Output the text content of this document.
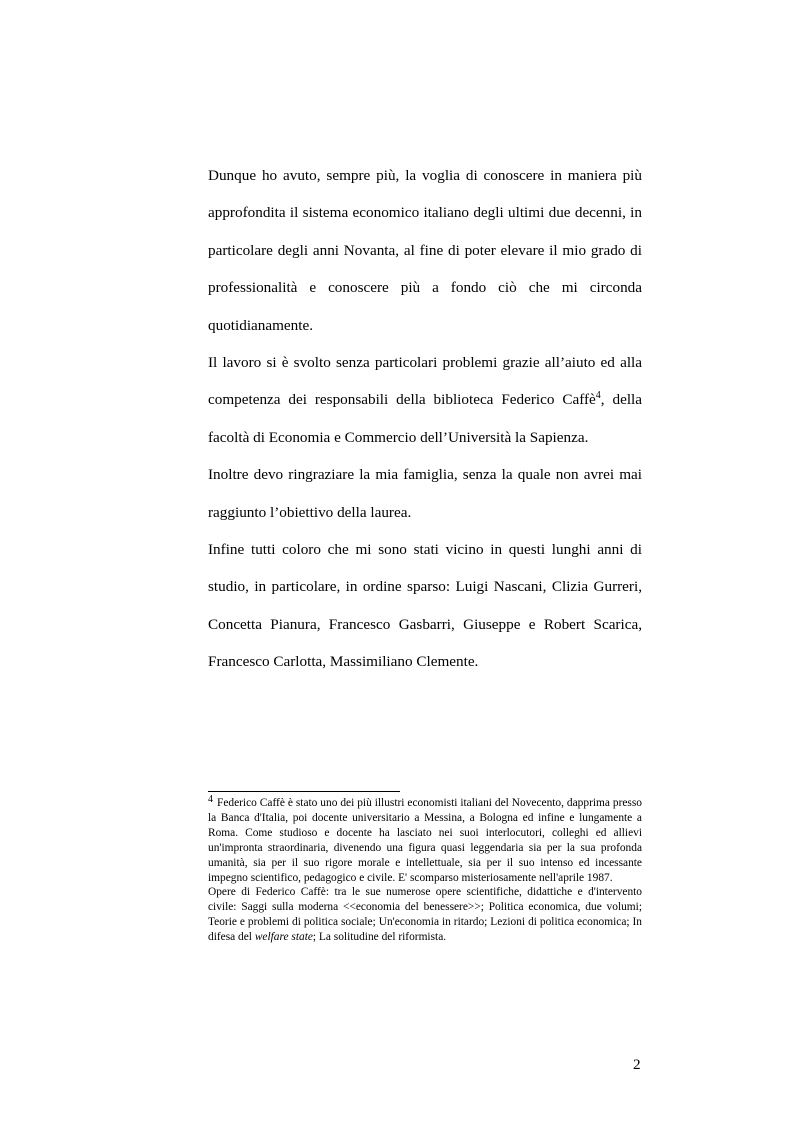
Dunque ho avuto, sempre più, la voglia di conoscere in maniera più approfondita il sistema economico italiano degli ultimi due decenni, in particolare degli anni Novanta, al fine di poter elevare il mio grado di professionalità e conoscere più a fondo ciò che mi circonda quotidianamente.

Il lavoro si è svolto senza particolari problemi grazie all’aiuto ed alla competenza dei responsabili della biblioteca Federico Caffè$^4$, della facoltà di Economia e Commercio dell’Università la Sapienza.

Inoltre devo ringraziare la mia famiglia, senza la quale non avrei mai raggiunto l’obiettivo della laurea.

Infine tutti coloro che mi sono stati vicino in questi lunghi anni di studio, in particolare, in ordine sparso: Luigi Nascani, Clizia Gurreri, Concetta Pianura, Francesco Gasbarri, Giuseppe e Robert Scarica, Francesco Carlotta, Massimiliano Clemente.

4 Federico Caffè è stato uno dei più illustri economisti italiani del Novecento, dapprima presso la Banca d'Italia, poi docente universitario a Messina, a Bologna ed infine e lungamente a Roma. Come studioso e docente ha lasciato nei suoi interlocutori, colleghi ed allievi un'impronta straordinaria, divenendo una figura quasi leggendaria sia per la sua profonda umanità, sia per il suo rigore morale e intellettuale, sia per il suo intenso ed incessante impegno scientifico, pedagogico e civile. E' scomparso misteriosamente nell'aprile 1987.

Opere di Federico Caffè: tra le sue numerose opere scientifiche, didattiche e d'intervento civile: Saggi sulla moderna <<economia del benessere>>; Politica economica, due volumi; Teorie e problemi di politica sociale; Un'economia in ritardo; Lezioni di politica economica; In difesa del welfare state; La solitudine del riformista.

2
